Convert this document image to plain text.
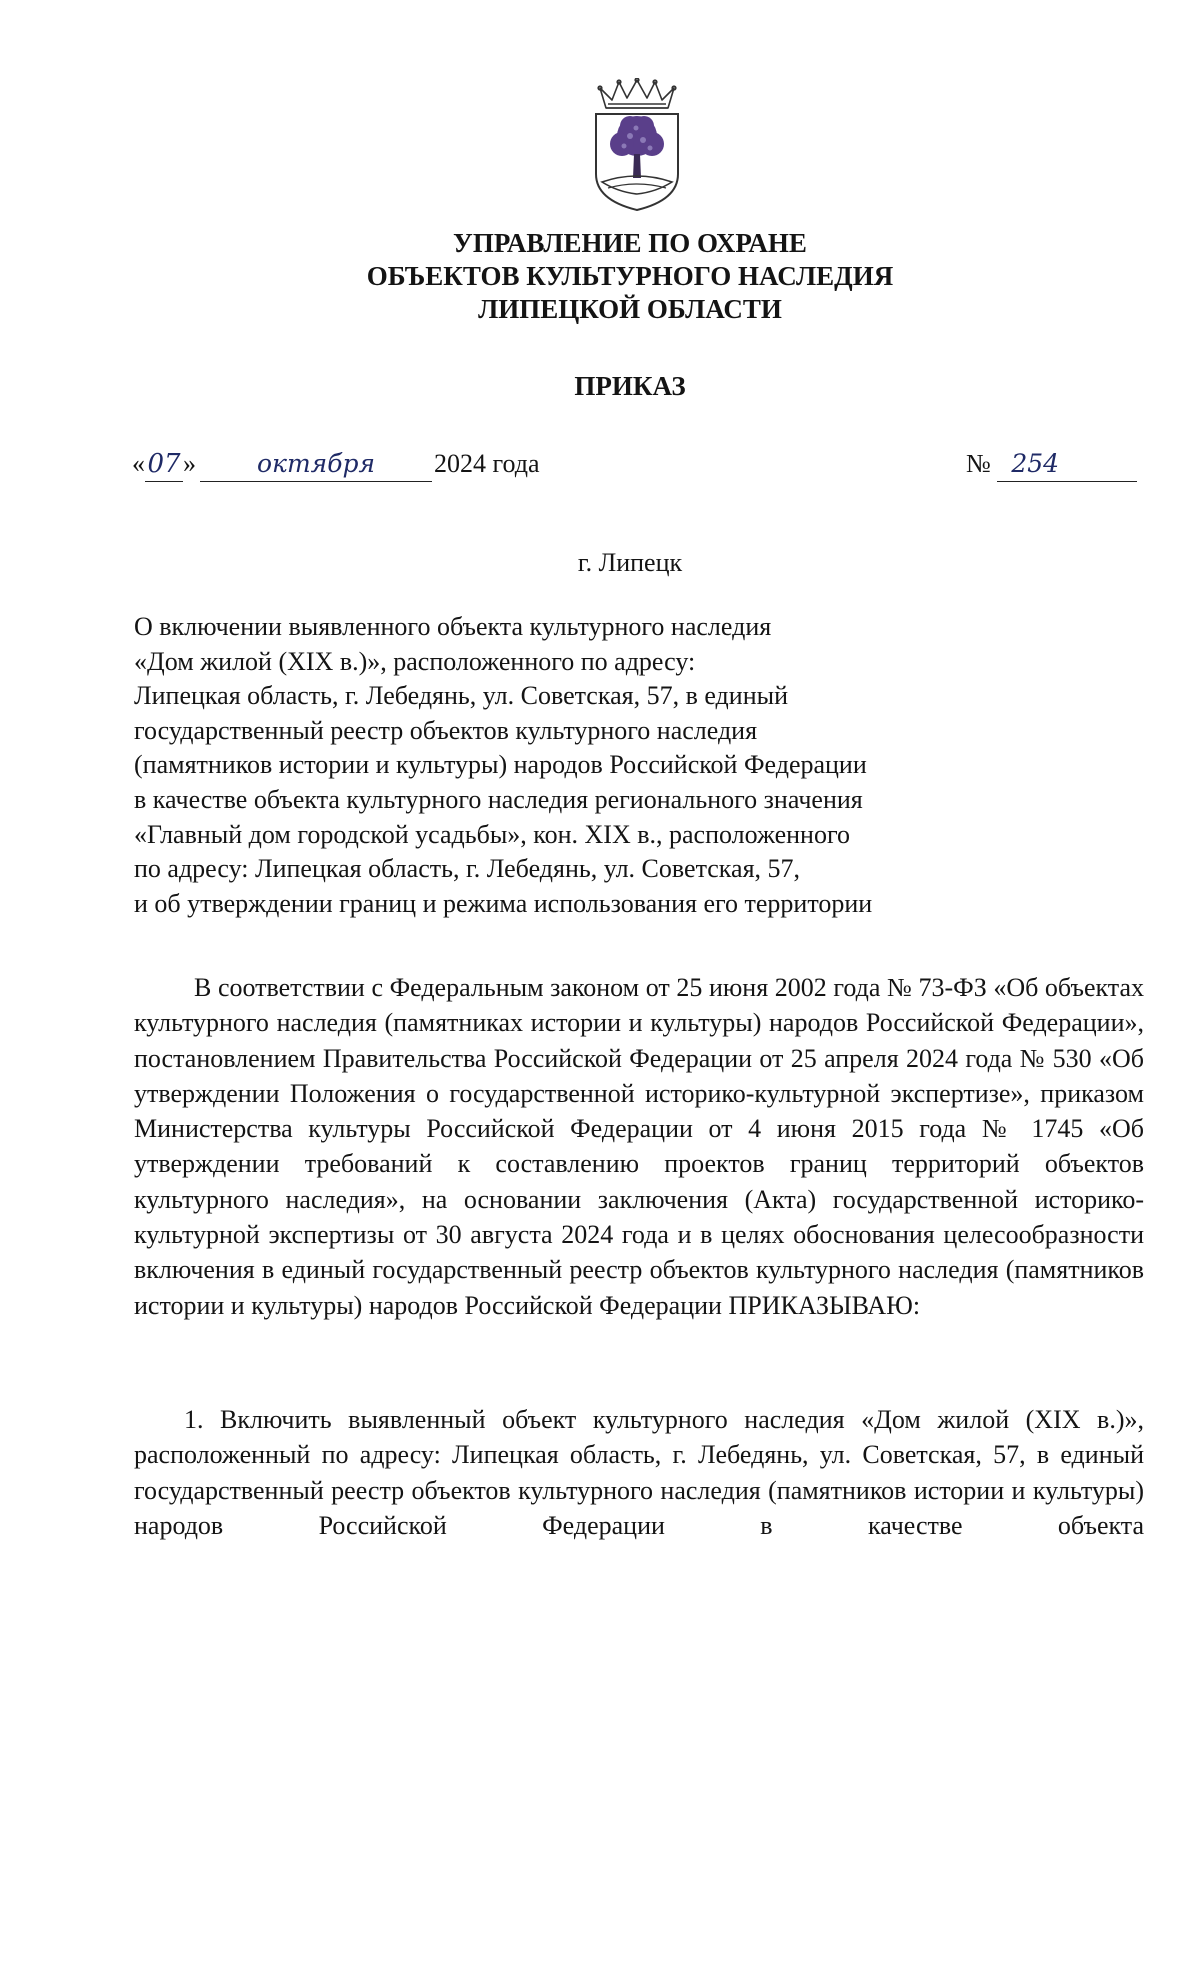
УПРАВЛЕНИЕ ПО ОХРАНЕ
ОБЪЕКТОВ КУЛЬТУРНОГО НАСЛЕДИЯ
ЛИПЕЦКОЙ ОБЛАСТИ
ПРИКАЗ
«07» октября 2024 года	№ 254
г. Липецк
О включении выявленного объекта культурного наследия
«Дом жилой (XIX в.)», расположенного по адресу:
Липецкая область, г. Лебедянь, ул. Советская, 57, в единый
государственный реестр объектов культурного наследия
(памятников истории и культуры) народов Российской Федерации
в качестве объекта культурного наследия регионального значения
«Главный дом городской усадьбы», кон. XIX в., расположенного
по адресу: Липецкая область, г. Лебедянь, ул. Советская, 57,
и об утверждении границ и режима использования его территории

В соответствии с Федеральным законом от 25 июня 2002 года № 73-ФЗ «Об объектах культурного наследия (памятниках истории и культуры) народов Российской Федерации», постановлением Правительства Российской Федерации от 25 апреля 2024 года № 530 «Об утверждении Положения о государственной историко-культурной экспертизе», приказом Министерства культуры Российской Федерации от 4 июня 2015 года № 1745 «Об утверждении требований к составлению проектов границ территорий объектов культурного наследия», на основании заключения (Акта) государственной историко-культурной экспертизы от 30 августа 2024 года и в целях обоснования целесообразности включения в единый государственный реестр объектов культурного наследия (памятников истории и культуры) народов Российской Федерации ПРИКАЗЫВАЮ:

1. Включить выявленный объект культурного наследия «Дом жилой (XIX в.)», расположенный по адресу: Липецкая область, г. Лебедянь, ул. Советская, 57, в единый государственный реестр объектов культурного наследия (памятников истории и культуры) народов Российской Федерации в качестве объекта
